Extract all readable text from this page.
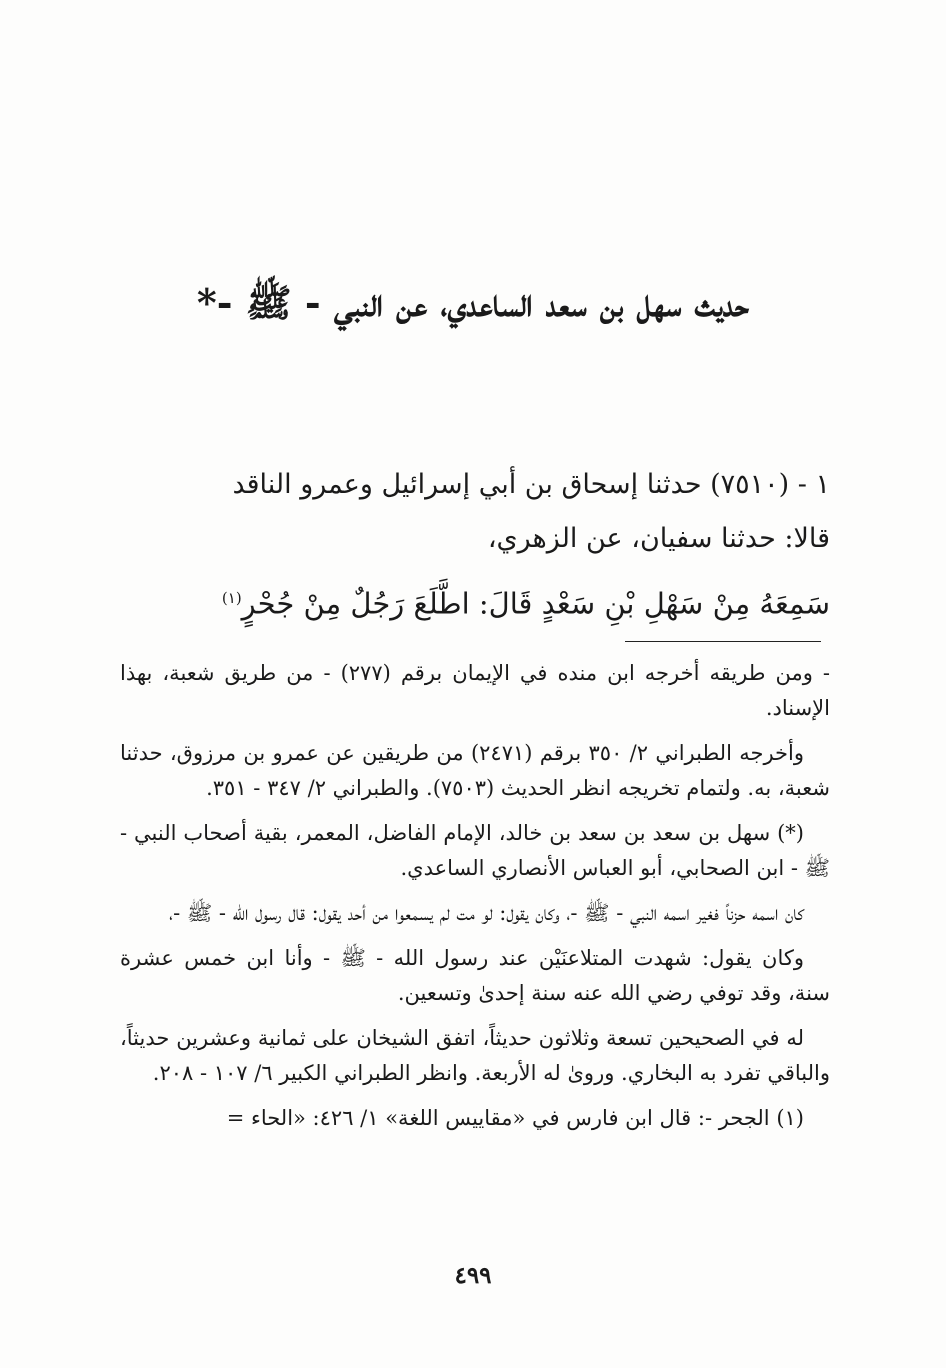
حديث سهل بن سعد الساعدي، عن النبي - ﷺ -*
١ - (٧٥١٠) حدثنا إسحاق بن أبي إسرائيل وعمرو الناقد
قالا: حدثنا سفيان، عن الزهري،
سَمِعَهُ مِنْ سَهْلِ بْنِ سَعْدٍ قَالَ: اطَّلَعَ رَجُلٌ مِنْ جُحْرٍ$^{(١)}$

- ومن طريقه أخرجه ابن منده في الإيمان برقم (٢٧٧) - من طريق شعبة، بهذا الإسناد.

وأخرجه الطبراني ٢/ ٣٥٠ برقم (٢٤٧١) من طريقين عن عمرو بن مرزوق، حدثنا شعبة، به. ولتمام تخريجه انظر الحديث (٧٥٠٣). والطبراني ٢/ ٣٤٧ - ٣٥١.

(*) سهل بن سعد بن سعد بن خالد، الإمام الفاضل، المعمر، بقية أصحاب النبي - ﷺ - ابن الصحابي، أبو العباس الأنصاري الساعدي.

كان اسمه حزناً فغير اسمه النبي - ﷺ -، وكان يقول: لو مت لم يسمعوا من أحد يقول: قال رسول الله - ﷺ -،

وكان يقول: شهدت المتلاعنَيْن عند رسول الله - ﷺ - وأنا ابن خمس عشرة سنة، وقد توفي رضي الله عنه سنة إحدىٰ وتسعين.

له في الصحيحين تسعة وثلاثون حديثاً، اتفق الشيخان على ثمانية وعشرين حديثاً، والباقي تفرد به البخاري. وروىٰ له الأربعة. وانظر الطبراني الكبير ٦/ ١٠٧ - ٢٠٨.

(١) الجحر -: قال ابن فارس في «مقاييس اللغة» ١/ ٤٢٦: «الحاء =

٤٩٩
